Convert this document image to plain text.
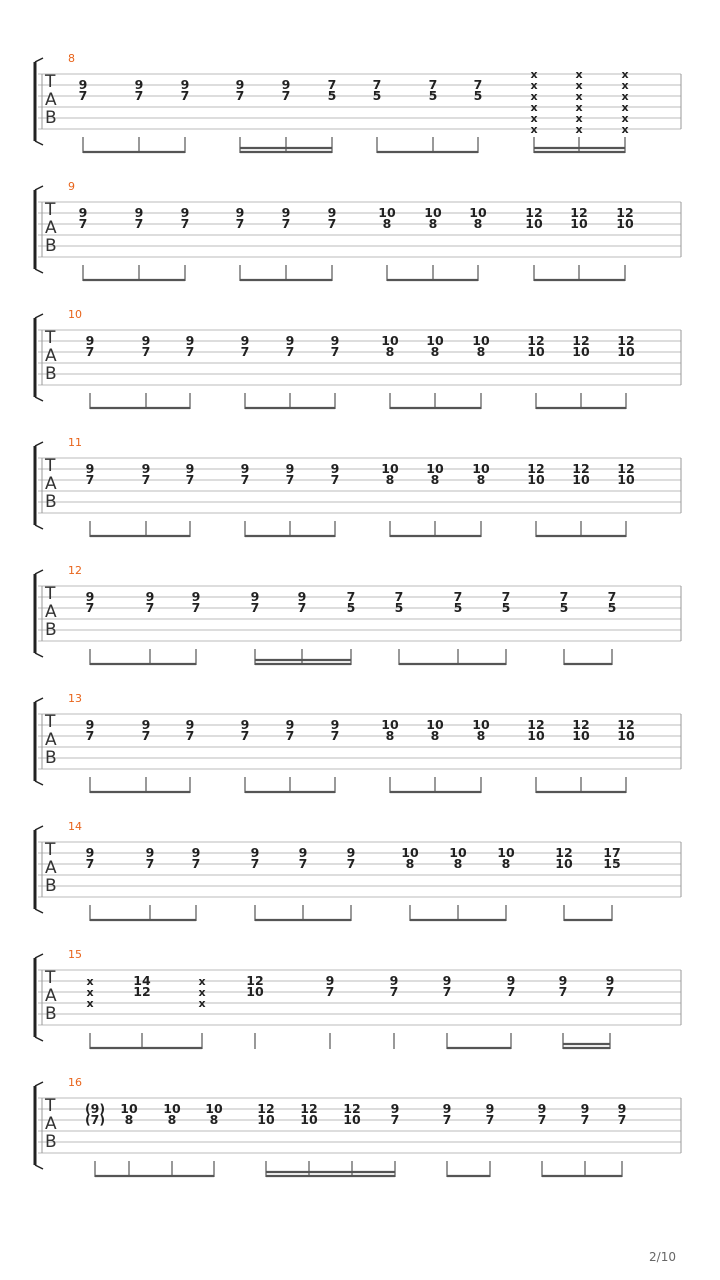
8
T
A
B
9
7
9
7
9
7
9
7
9
7
7
5
7
5
7
5
7
5
x
x
x
x
x
x
x
x
x
x
x
x
x
x
x
x
x
x
9
T
A
B
9
7
9
7
9
7
9
7
9
7
9
7
10
8
10
8
10
8
12
10
12
10
12
10
10
T
A
B
9
7
9
7
9
7
9
7
9
7
9
7
10
8
10
8
10
8
12
10
12
10
12
10
11
T
A
B
9
7
9
7
9
7
9
7
9
7
9
7
10
8
10
8
10
8
12
10
12
10
12
10
12
T
A
B
9
7
9
7
9
7
9
7
9
7
7
5
7
5
7
5
7
5
7
5
7
5
13
T
A
B
9
7
9
7
9
7
9
7
9
7
9
7
10
8
10
8
10
8
12
10
12
10
12
10
14
T
A
B
9
7
9
7
9
7
9
7
9
7
9
7
10
8
10
8
10
8
12
10
17
15
15
T
A
B
x
x
x
14
12
x
x
x
12
10
9
7
9
7
9
7
9
7
9
7
9
7
16
T
A
B
(9)
(7)
10
8
10
8
10
8
12
10
12
10
12
10
9
7
9
7
9
7
9
7
9
7
9
7
2/10
